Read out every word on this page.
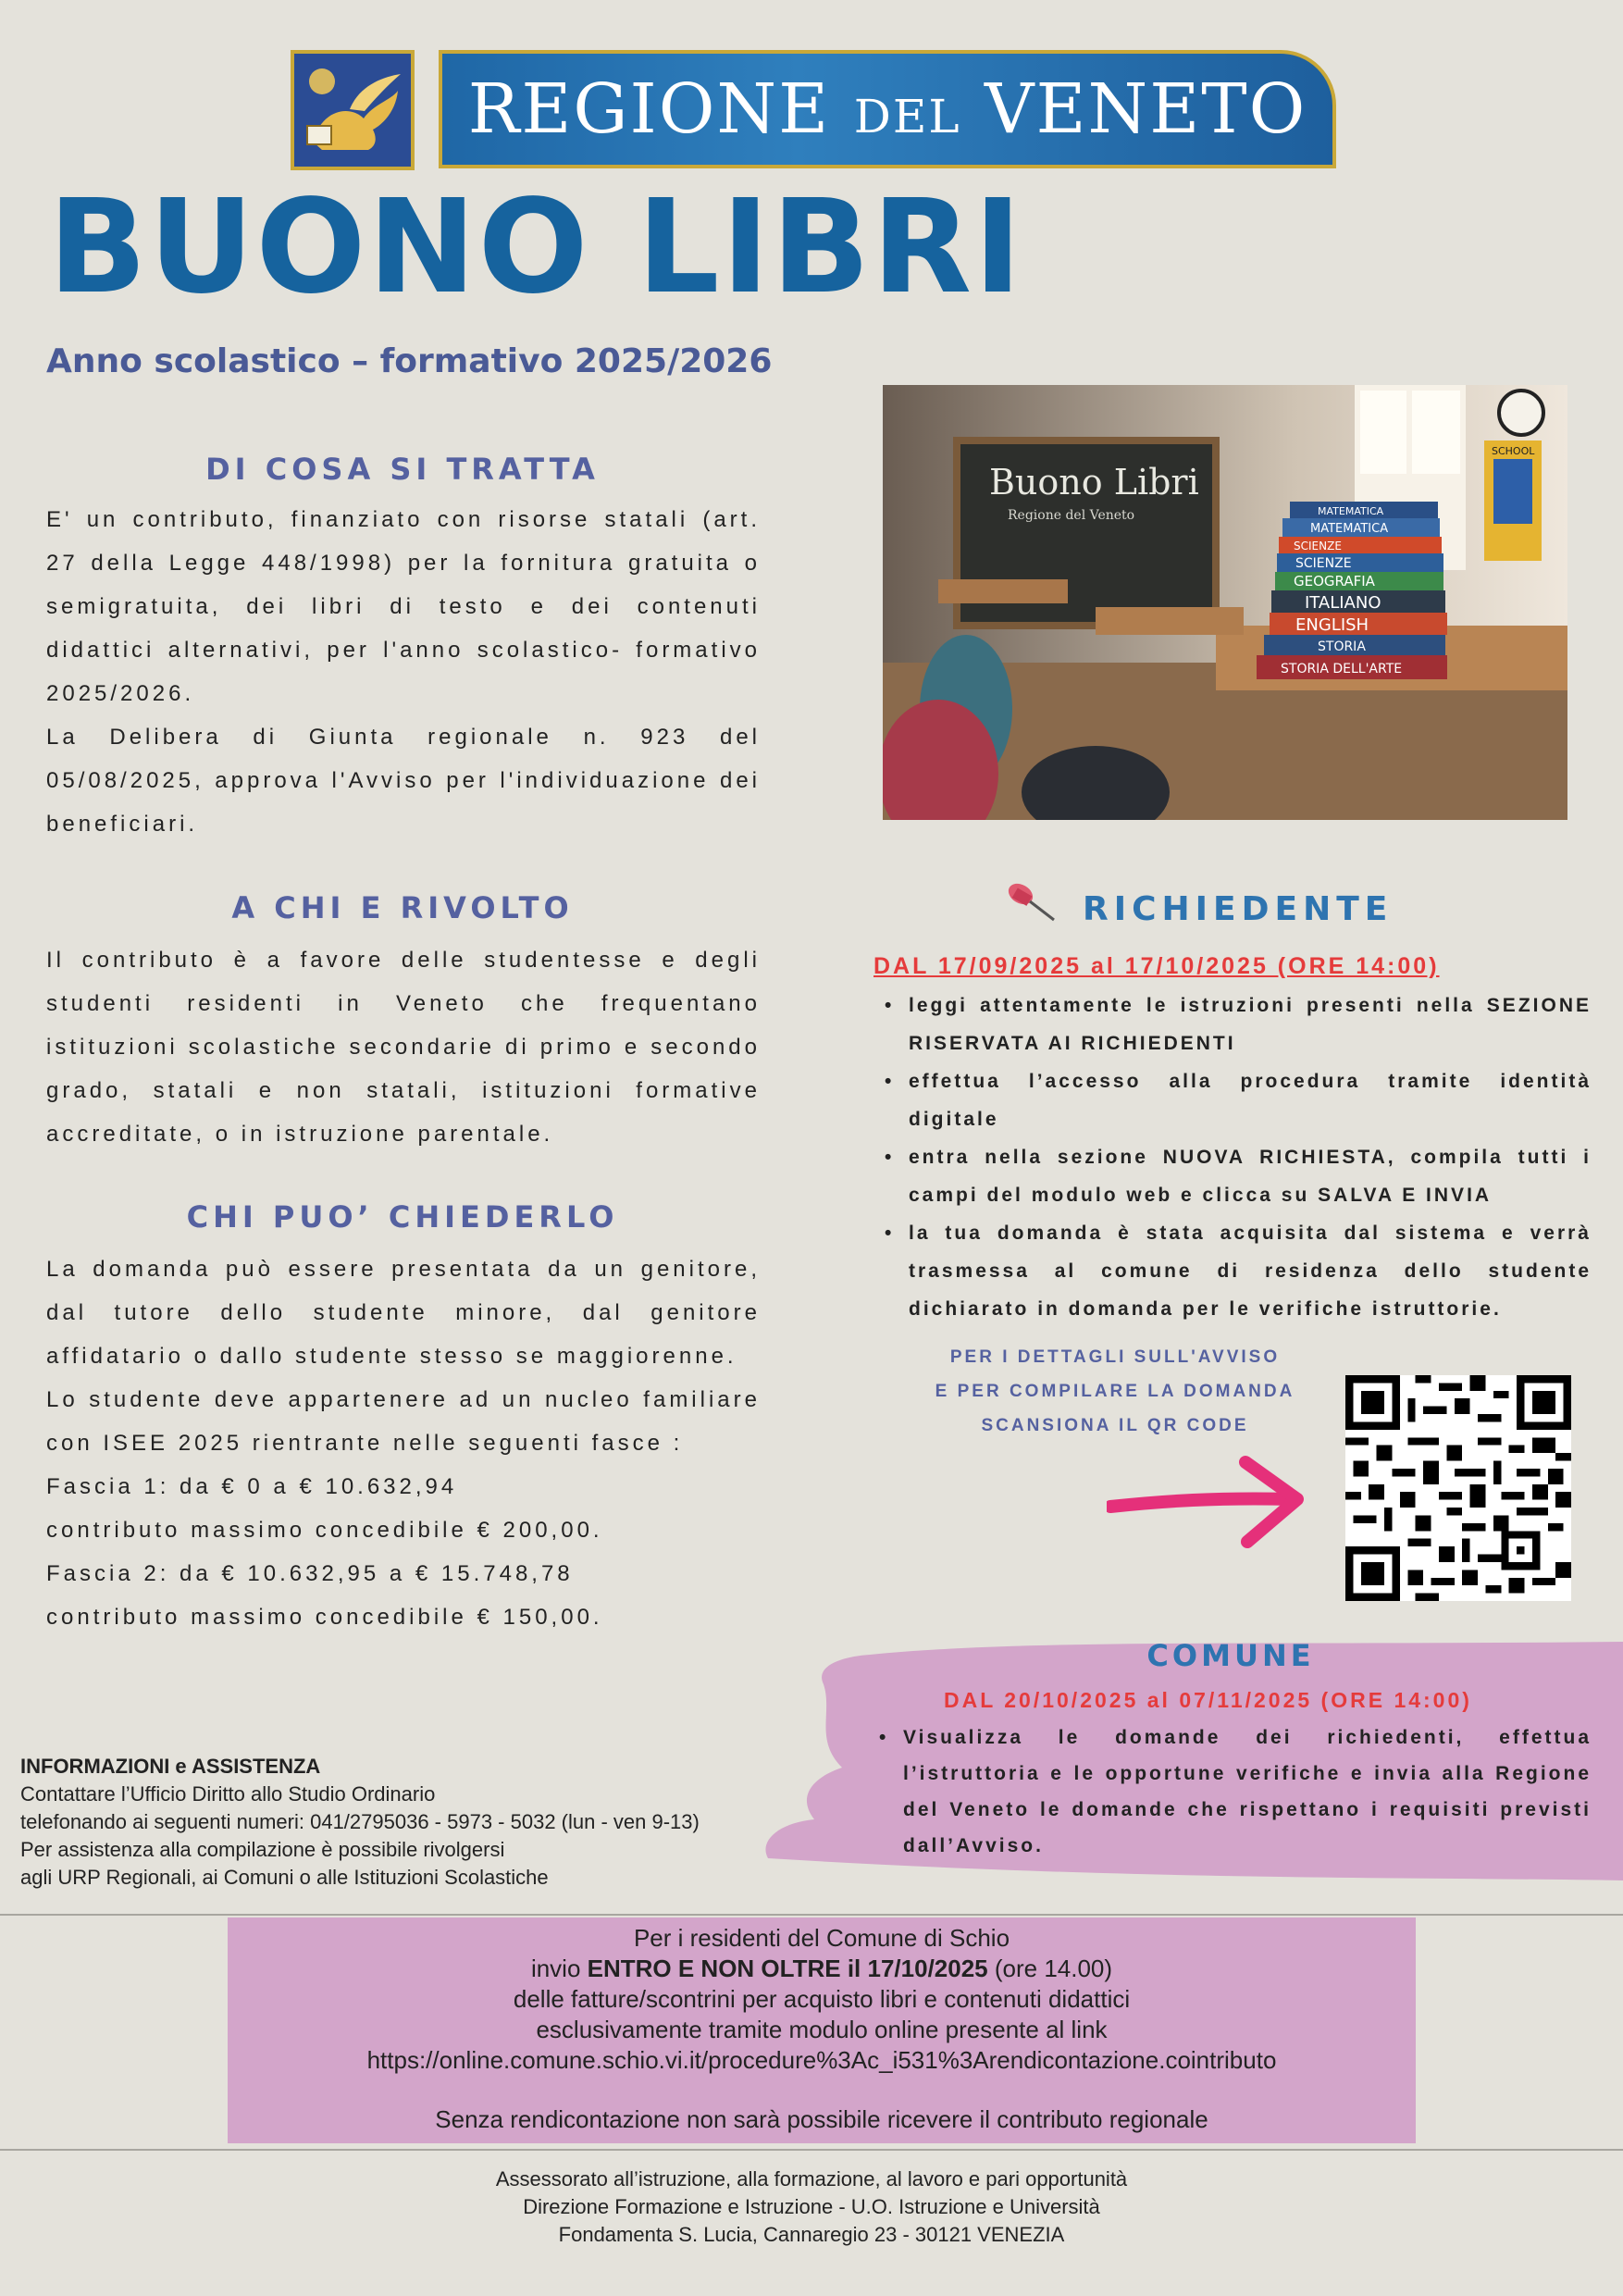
REGIONE DEL VENETO
BUONO LIBRI
Anno scolastico – formativo 2025/2026
DI COSA SI TRATTA

E' un contributo, finanziato con risorse statali (art. 27 della Legge 448/1998) per la fornitura gratuita o semigratuita, dei libri di testo e dei contenuti didattici alternativi, per l'anno scolastico- formativo 2025/2026.

La Delibera di Giunta regionale n. 923 del 05/08/2025, approva l'Avviso per l'individuazione dei beneficiari.

A CHI E RIVOLTO

Il contributo è a favore delle studentesse e degli studenti residenti in Veneto che frequentano istituzioni scolastiche secondarie di primo e secondo grado, statali e non statali, istituzioni formative accreditate, o in istruzione parentale.

CHI PUO’ CHIEDERLO

La domanda può essere presentata da un genitore, dal tutore dello studente minore, dal genitore affidatario o dallo studente stesso se maggiorenne.

Lo studente deve appartenere ad un nucleo familiare con ISEE 2025 rientrante nelle seguenti fasce :

Fascia 1: da € 0 a € 10.632,94

contributo massimo concedibile € 200,00.

Fascia 2: da € 10.632,95 a € 15.748,78

contributo massimo concedibile € 150,00.

INFORMAZIONI e ASSISTENZA
Contattare l’Ufficio Diritto allo Studio Ordinario
telefonando ai seguenti numeri: 041/2795036 - 5973 - 5032 (lun - ven 9-13)
Per assistenza alla compilazione è possibile rivolgersi
agli URP Regionali, ai Comuni o alle Istituzioni Scolastiche
Buono Libri
Regione del Veneto	MATEMATICA
MATEMATICA
SCIENZE
SCIENZE
GEOGRAFIA
ITALIANO
ENGLISH
STORIA
STORIA DELL'ARTE
SCHOOL
RICHIEDENTE
DAL 17/09/2025 al 17/10/2025 (ORE 14:00)
• leggi attentamente le istruzioni presenti nella SEZIONE RISERVATA AI RICHIEDENTI
• effettua l’accesso alla procedura tramite identità digitale
• entra nella sezione NUOVA RICHIESTA, compila tutti i campi del modulo web e clicca su SALVA E INVIA
• la tua domanda è stata acquisita dal sistema e verrà trasmessa al comune di residenza dello studente dichiarato in domanda per le verifiche istruttorie.
PER I DETTAGLI SULL'AVVISO
E PER COMPILARE LA DOMANDA
SCANSIONA IL QR CODE
COMUNE
DAL 20/10/2025 al 07/11/2025 (ORE 14:00)
• Visualizza le domande dei richiedenti, effettua l’istruttoria e le opportune verifiche e invia alla Regione del Veneto le domande che rispettano i requisiti previsti dall’Avviso.
Per i residenti del Comune di Schio
invio ENTRO E NON OLTRE il 17/10/2025 (ore 14.00)
delle fatture/scontrini per acquisto libri e contenuti didattici
esclusivamente tramite modulo online presente al link
https://online.comune.schio.vi.it/procedure%3Ac_i531%3Arendicontazione.cointributo
Senza rendicontazione non sarà possibile ricevere il contributo regionale
Assessorato all’istruzione, alla formazione, al lavoro e pari opportunità
Direzione Formazione e Istruzione - U.O. Istruzione e Università
Fondamenta S. Lucia, Cannaregio 23 - 30121 VENEZIA
